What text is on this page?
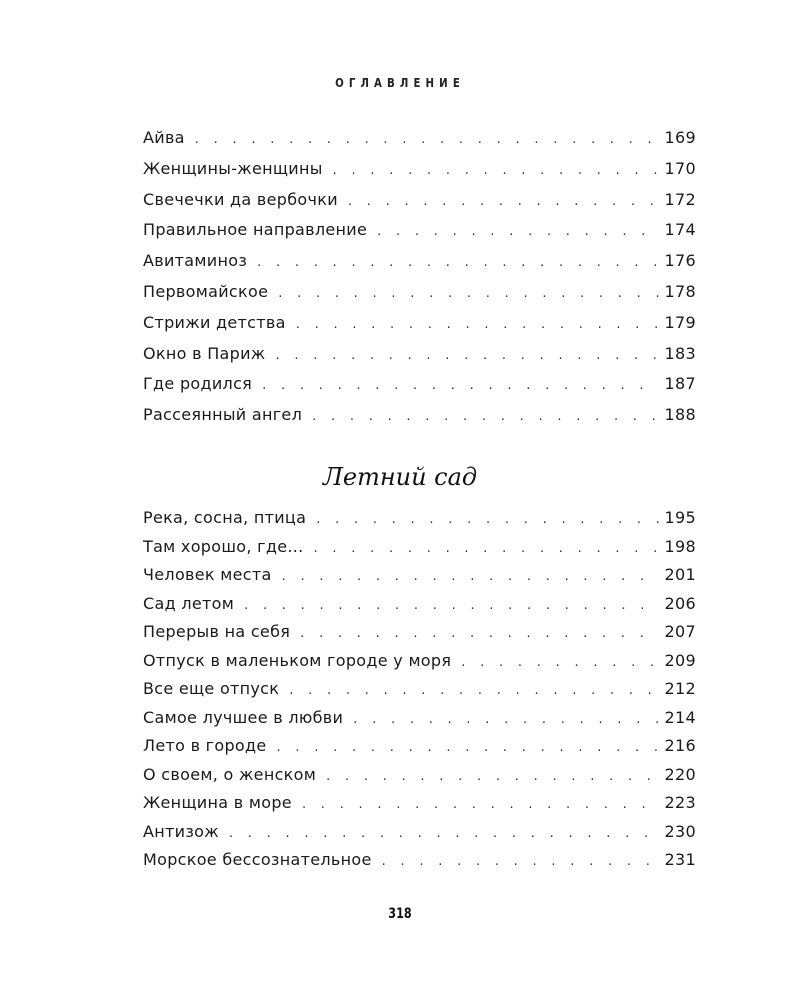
ОГЛАВЛЕНИЕ
Айва . . .	169
Женщины-женщины . . .	170
Свечечки да вербочки . . .	172
Правильное направление . . .	174
Авитаминоз . . .	176
Первомайское . . .	178
Стрижи детства . . .	179
Окно в Париж . . .	183
Где родился . . .	187
Рассеянный ангел . . .	188
Летний сад
Река, сосна, птица . . .	195
Там хорошо, где... . . .	198
Человек места . . .	201
Сад летом . . .	206
Перерыв на себя . . .	207
Отпуск в маленьком городе у моря . . .	209
Все еще отпуск . . .	212
Самое лучшее в любви . . .	214
Лето в городе . . .	216
О своем, о женском . . .	220
Женщина в море . . .	223
Антизож . . .	230
Морское бессознательное . . .	231
318
